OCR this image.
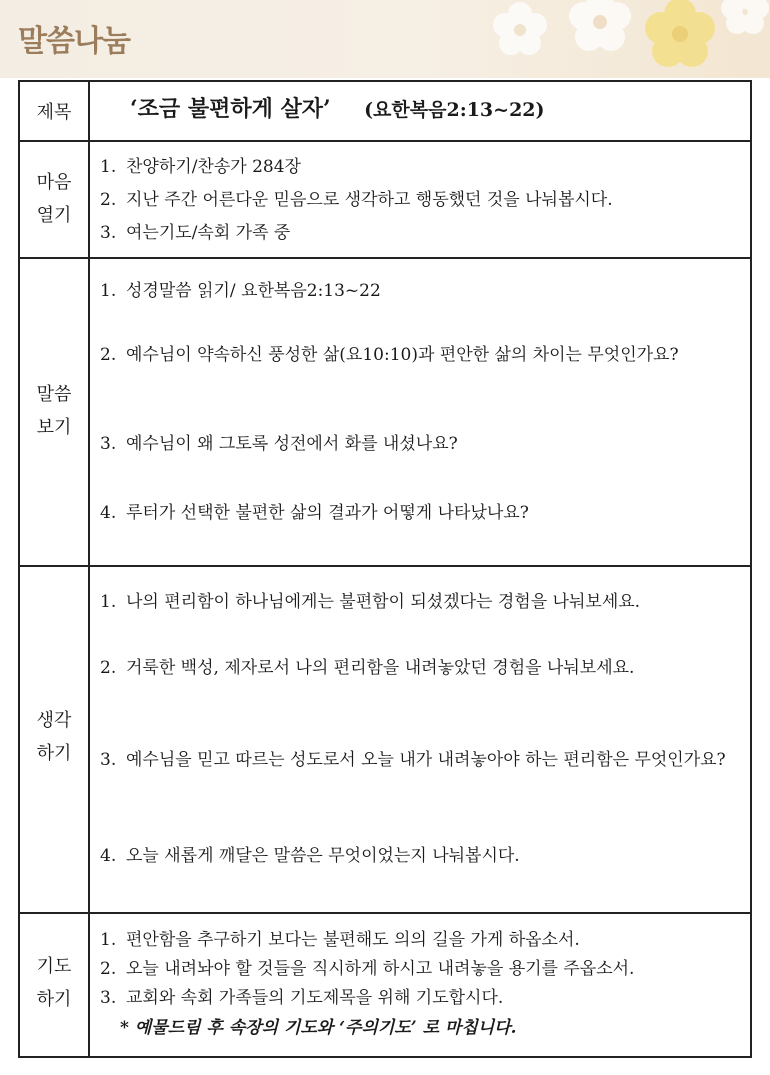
말씀나눔
제목	‘조금 불편하게 살자’ (요한복음2:13~22)
마음
열기
1. 찬양하기/찬송가 284장
2. 지난 주간 어른다운 믿음으로 생각하고 행동했던 것을 나눠봅시다.
3. 여는기도/속회 가족 중
말씀
보기
1. 성경말씀 읽기/ 요한복음2:13~22
2. 예수님이 약속하신 풍성한 삶(요10:10)과 편안한 삶의 차이는 무엇인가요?
3. 예수님이 왜 그토록 성전에서 화를 내셨나요?
4. 루터가 선택한 불편한 삶의 결과가 어떻게 나타났나요?
생각
하기
1. 나의 편리함이 하나님에게는 불편함이 되셨겠다는 경험을 나눠보세요.
2. 거룩한 백성, 제자로서 나의 편리함을 내려놓았던 경험을 나눠보세요.
3. 예수님을 믿고 따르는 성도로서 오늘 내가 내려놓아야 하는 편리함은 무엇인가요?
4. 오늘 새롭게 깨달은 말씀은 무엇이었는지 나눠봅시다.
기도
하기
1. 편안함을 추구하기 보다는 불편해도 의의 길을 가게 하옵소서.
2. 오늘 내려놔야 할 것들을 직시하게 하시고 내려놓을 용기를 주옵소서.
3. 교회와 속회 가족들의 기도제목을 위해 기도합시다.
* 예물드림 후 속장의 기도와 ‘주의기도’ 로 마칩니다.
